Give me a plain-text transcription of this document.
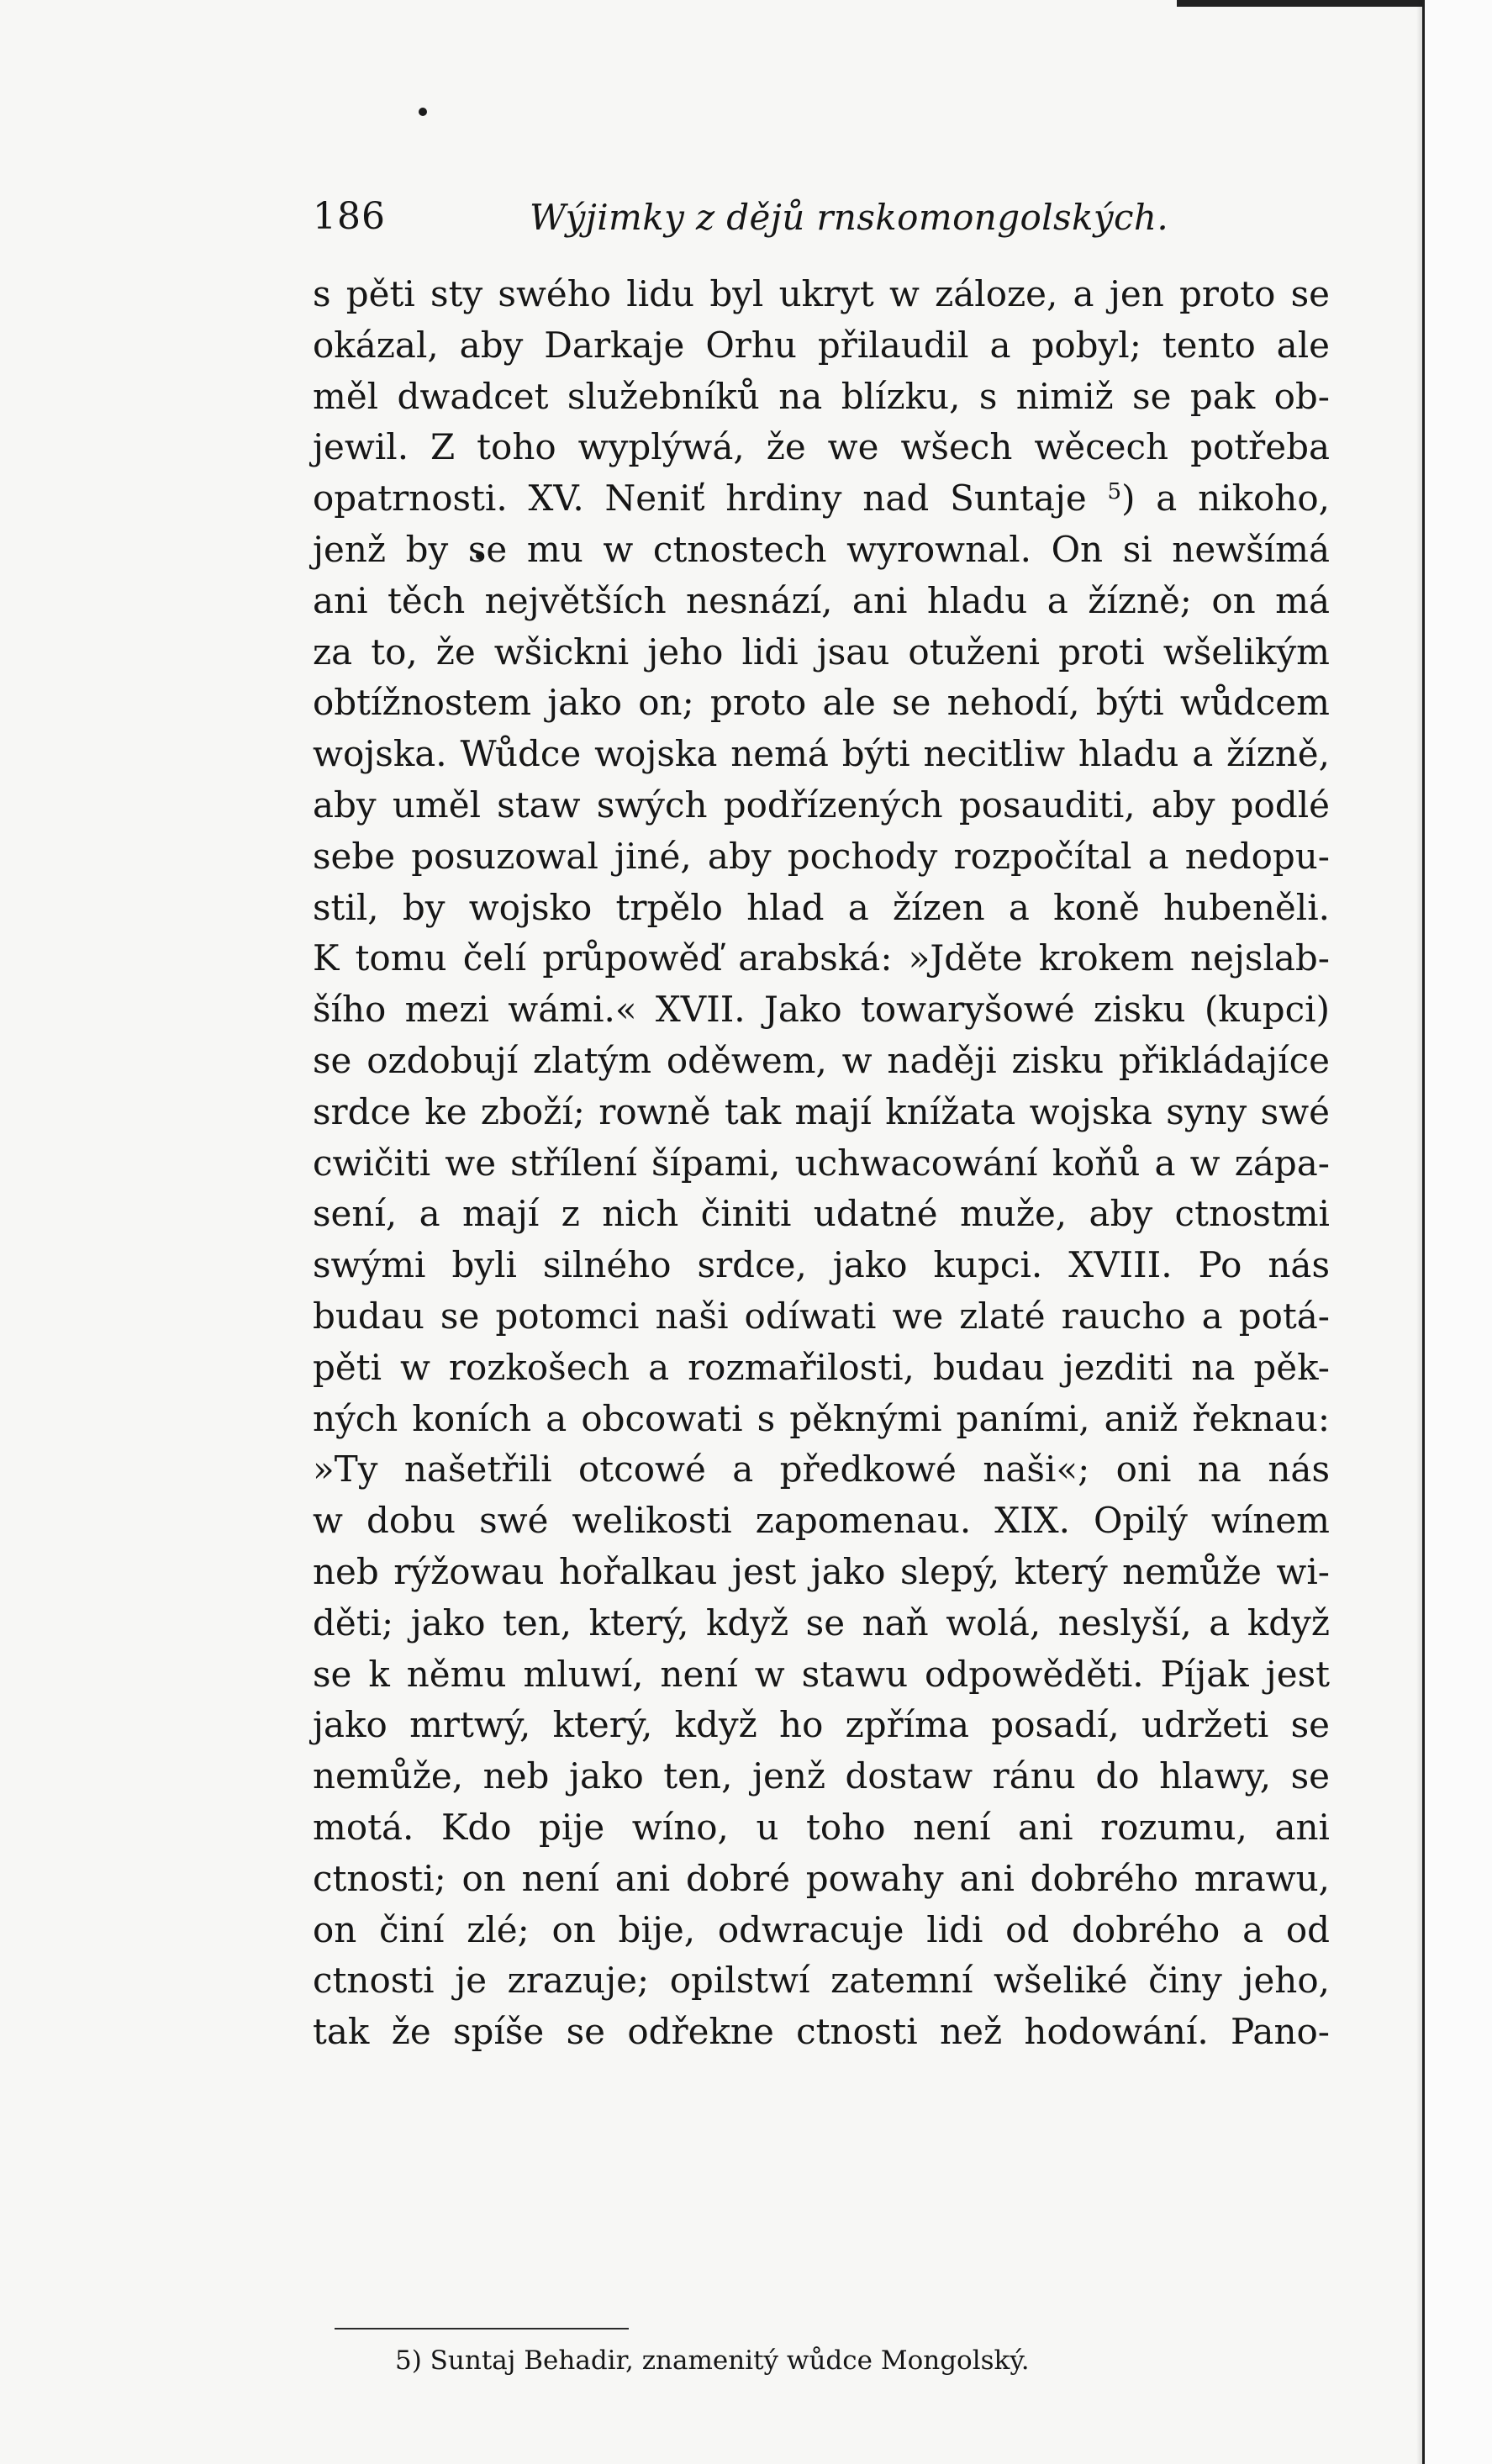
186	Wýjimky z dějů rnskomongolských.
s pěti sty swého lidu byl ukryt w záloze, a jen proto se
okázal, aby Darkaje Orhu přilaudil a pobyl; tento ale
měl dwadcet služebníků na blízku, s nimiž se pak ob-
jewil. Z toho wyplýwá, že we wšech wěcech potřeba
opatrnosti. XV. Neniť hrdiny nad Suntaje $^5$) a nikoho,
jenž by se mu w ctnostech wyrownal. On si newšímá
ani těch největších nesnází, ani hladu a žízně; on má
za to, že wšickni jeho lidi jsau otuženi proti wšelikým
obtížnostem jako on; proto ale se nehodí, býti wůdcem
wojska. Wůdce wojska nemá býti necitliw hladu a žízně,
aby uměl staw swých podřízených posauditi, aby podlé
sebe posuzowal jiné, aby pochody rozpočítal a nedopu-
stil, by wojsko trpělo hlad a žízen a koně hubeněli.
K tomu čelí průpowěď arabská: »Jděte krokem nejslab-
šího mezi wámi.« XVII. Jako towaryšowé zisku (kupci)
se ozdobují zlatým oděwem, w naději zisku přikládajíce
srdce ke zboží; rowně tak mají knížata wojska syny swé
cwičiti we střílení šípami, uchwacowání koňů a w zápa-
sení, a mají z nich činiti udatné muže, aby ctnostmi
swými byli silného srdce, jako kupci. XVIII. Po nás
budau se potomci naši odíwati we zlaté raucho a potá-
pěti w rozkošech a rozmařilosti, budau jezditi na pěk-
ných koních a obcowati s pěknými paními, aniž řeknau:
»Ty našetřili otcowé a předkowé naši«; oni na nás
w dobu swé welikosti zapomenau. XIX. Opilý wínem
neb rýžowau hořalkau jest jako slepý, který nemůže wi-
děti; jako ten, který, když se naň wolá, neslyší, a když
se k němu mluwí, není w stawu odpowěděti. Píjak jest
jako mrtwý, který, když ho zpříma posadí, udržeti se
nemůže, neb jako ten, jenž dostaw ránu do hlawy, se
motá. Kdo pije wíno, u toho není ani rozumu, ani
ctnosti; on není ani dobré powahy ani dobrého mrawu,
on činí zlé; on bije, odwracuje lidi od dobrého a od
ctnosti je zrazuje; opilstwí zatemní wšeliké činy jeho,
tak že spíše se odřekne ctnosti než hodowání. Pano-
5) Suntaj Behadir, znamenitý wůdce Mongolský.
